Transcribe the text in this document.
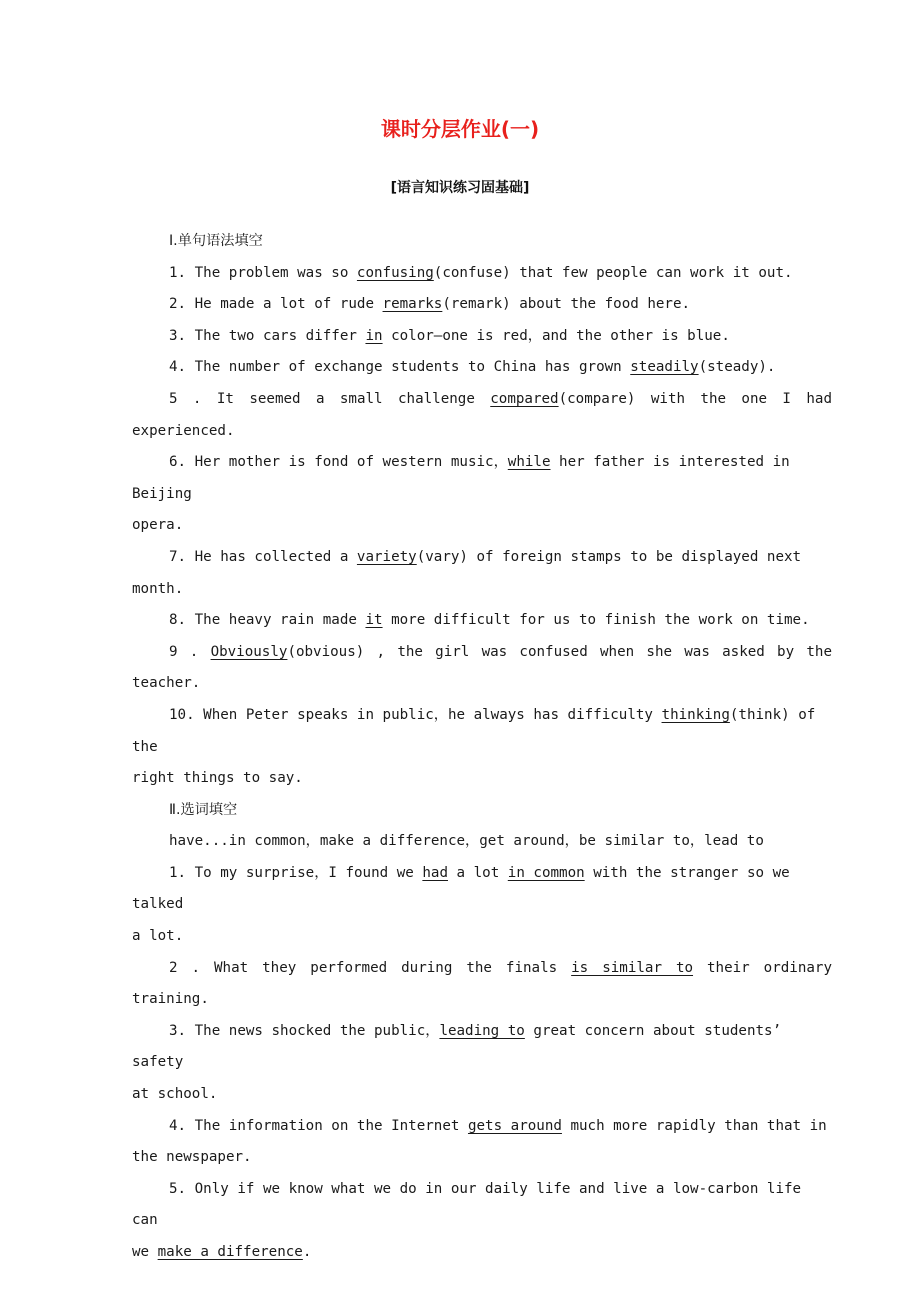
课时分层作业(一)
[语言知识练习固基础]

Ⅰ.单句语法填空

1. The problem was so confusing(confuse) that few people can work it out.

2. He made a lot of rude remarks(remark) about the food here.

3. The two cars differ in color—one is red，and the other is blue.

4. The number of exchange students to China has grown steadily(steady).

5 . It seemed a small challenge compared(compare) with the one I had

experienced.

6. Her mother is fond of western music，while her father is interested in Beijing

opera.

7. He has collected a variety(vary) of foreign stamps to be displayed next

month.

8. The heavy rain made it more difficult for us to finish the work on time.

9 . Obviously(obvious) , the girl was confused when she was asked by the

teacher.

10. When Peter speaks in public，he always has difficulty thinking(think) of the

right things to say.

Ⅱ.选词填空

have...in common，make a difference，get around，be similar to，lead to

1. To my surprise，I found we had a lot in common with the stranger so we talked

a lot.

2 . What they performed during the finals is similar to their ordinary

training.

3. The news shocked the public，leading to great concern about students’ safety

at school.

4. The information on the Internet gets around much more rapidly than that in

the newspaper.

5. Only if we know what we do in our daily life and live a low-carbon life can

we make a difference.
